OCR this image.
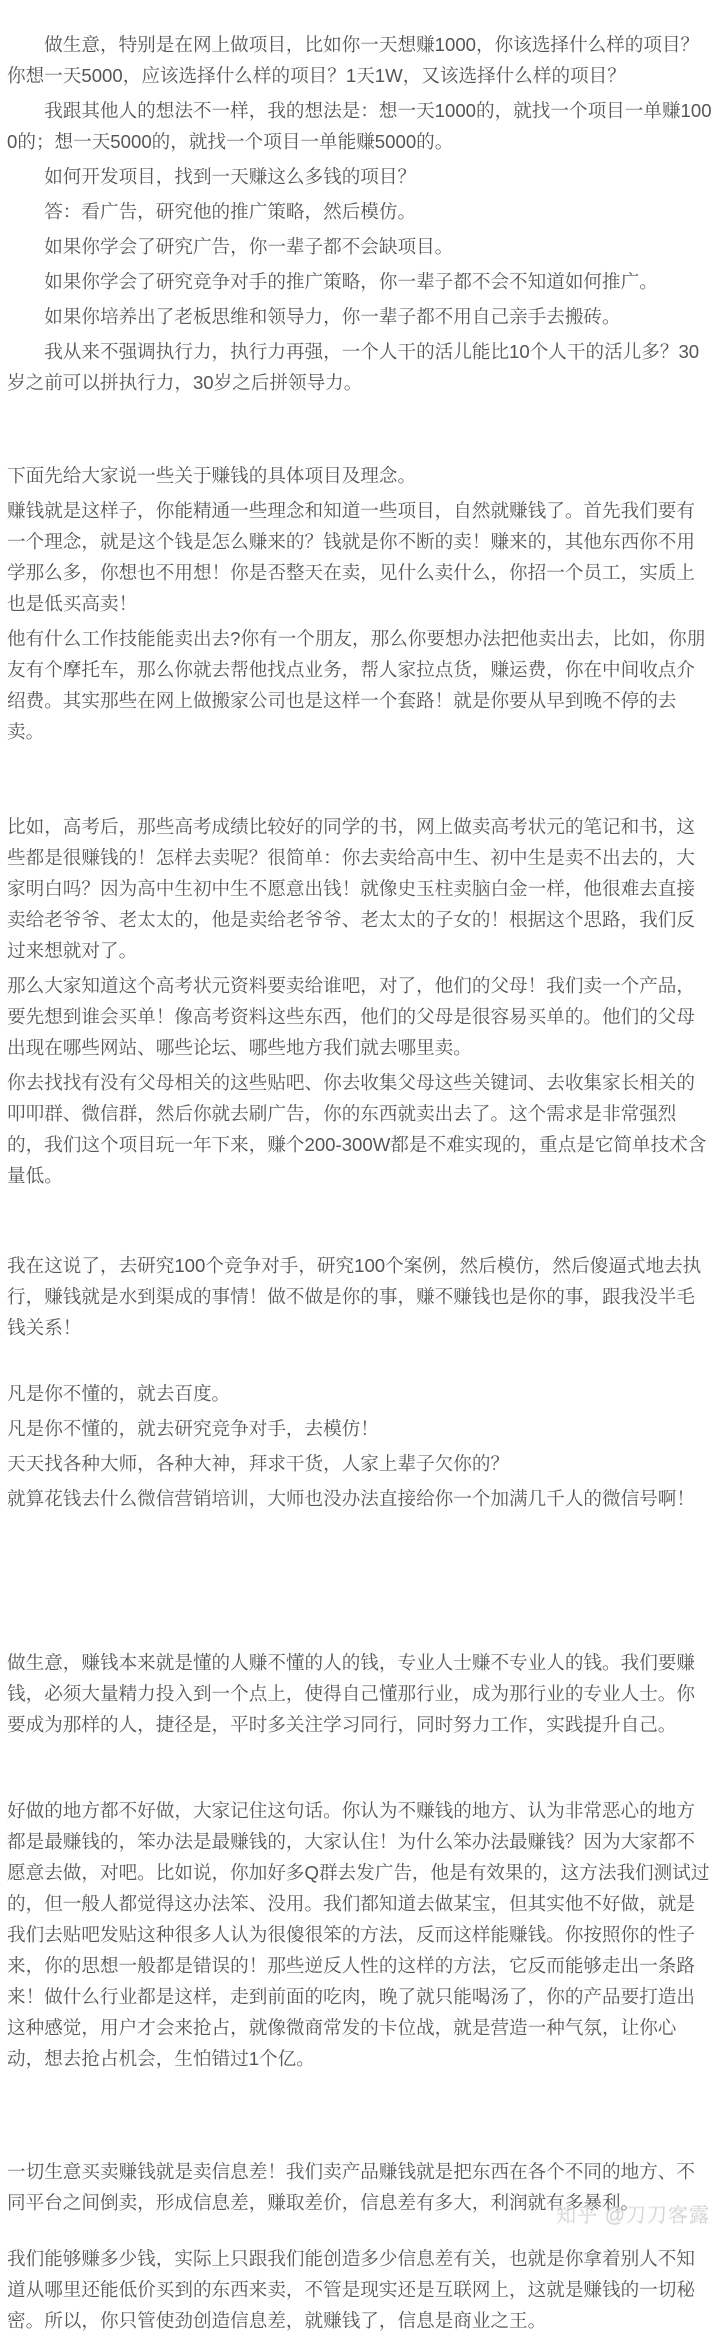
做生意，特别是在网上做项目，比如你一天想赚1000，你该选择什么样的项目？你想一天5000，应该选择什么样的项目？1天1W，又该选择什么样的项目？

我跟其他人的想法不一样，我的想法是：想一天1000的，就找一个项目一单赚1000的；想一天5000的，就找一个项目一单能赚5000的。

如何开发项目，找到一天赚这么多钱的项目？

答：看广告，研究他的推广策略，然后模仿。

如果你学会了研究广告，你一辈子都不会缺项目。

如果你学会了研究竞争对手的推广策略，你一辈子都不会不知道如何推广。

如果你培养出了老板思维和领导力，你一辈子都不用自己亲手去搬砖。

我从来不强调执行力，执行力再强，一个人干的活儿能比10个人干的活儿多？30岁之前可以拼执行力，30岁之后拼领导力。

下面先给大家说一些关于赚钱的具体项目及理念。

赚钱就是这样子，你能精通一些理念和知道一些项目，自然就赚钱了。首先我们要有一个理念，就是这个钱是怎么赚来的？钱就是你不断的卖！赚来的，其他东西你不用学那么多，你想也不用想！你是否整天在卖，见什么卖什么，你招一个员工，实质上也是低买高卖！

他有什么工作技能能卖出去?你有一个朋友，那么你要想办法把他卖出去，比如，你朋友有个摩托车，那么你就去帮他找点业务，帮人家拉点货，赚运费，你在中间收点介绍费。其实那些在网上做搬家公司也是这样一个套路！就是你要从早到晚不停的去卖。

比如，高考后，那些高考成绩比较好的同学的书，网上做卖高考状元的笔记和书，这些都是很赚钱的！怎样去卖呢？很简单：你去卖给高中生、初中生是卖不出去的，大家明白吗？因为高中生初中生不愿意出钱！就像史玉柱卖脑白金一样，他很难去直接卖给老爷爷、老太太的，他是卖给老爷爷、老太太的子女的！根据这个思路，我们反过来想就对了。

那么大家知道这个高考状元资料要卖给谁吧，对了，他们的父母！我们卖一个产品，要先想到谁会买单！像高考资料这些东西，他们的父母是很容易买单的。他们的父母出现在哪些网站、哪些论坛、哪些地方我们就去哪里卖。

你去找找有没有父母相关的这些贴吧、你去收集父母这些关键词、去收集家长相关的叩叩群、微信群，然后你就去刷广告，你的东西就卖出去了。这个需求是非常强烈的，我们这个项目玩一年下来，赚个200-300W都是不难实现的，重点是它简单技术含量低。

我在这说了，去研究100个竞争对手，研究100个案例，然后模仿，然后傻逼式地去执行，赚钱就是水到渠成的事情！做不做是你的事，赚不赚钱也是你的事，跟我没半毛钱关系！

凡是你不懂的，就去百度。

凡是你不懂的，就去研究竞争对手，去模仿！

天天找各种大师，各种大神，拜求干货，人家上辈子欠你的？

就算花钱去什么微信营销培训，大师也没办法直接给你一个加满几千人的微信号啊！

做生意，赚钱本来就是懂的人赚不懂的人的钱，专业人士赚不专业人的钱。我们要赚钱，必须大量精力投入到一个点上，使得自己懂那行业，成为那行业的专业人士。你要成为那样的人，捷径是，平时多关注学习同行，同时努力工作，实践提升自己。

好做的地方都不好做，大家记住这句话。你认为不赚钱的地方、认为非常恶心的地方都是最赚钱的，笨办法是最赚钱的，大家认住！为什么笨办法最赚钱？因为大家都不愿意去做，对吧。比如说，你加好多Q群去发广告，他是有效果的，这方法我们测试过的，但一般人都觉得这办法笨、没用。我们都知道去做某宝，但其实他不好做，就是我们去贴吧发贴这种很多人认为很傻很笨的方法，反而这样能赚钱。你按照你的性子来，你的思想一般都是错误的！那些逆反人性的这样的方法，它反而能够走出一条路来！做什么行业都是这样，走到前面的吃肉，晚了就只能喝汤了，你的产品要打造出这种感觉，用户才会来抢占，就像微商常发的卡位战，就是营造一种气氛，让你心动，想去抢占机会，生怕错过1个亿。

一切生意买卖赚钱就是卖信息差！我们卖产品赚钱就是把东西在各个不同的地方、不同平台之间倒卖，形成信息差，赚取差价，信息差有多大，利润就有多暴利。

我们能够赚多少钱，实际上只跟我们能创造多少信息差有关，也就是你拿着别人不知道从哪里还能低价买到的东西来卖，不管是现实还是互联网上，这就是赚钱的一切秘密。所以，你只管使劲创造信息差，就赚钱了，信息是商业之王。

知乎 @刀刀客露
